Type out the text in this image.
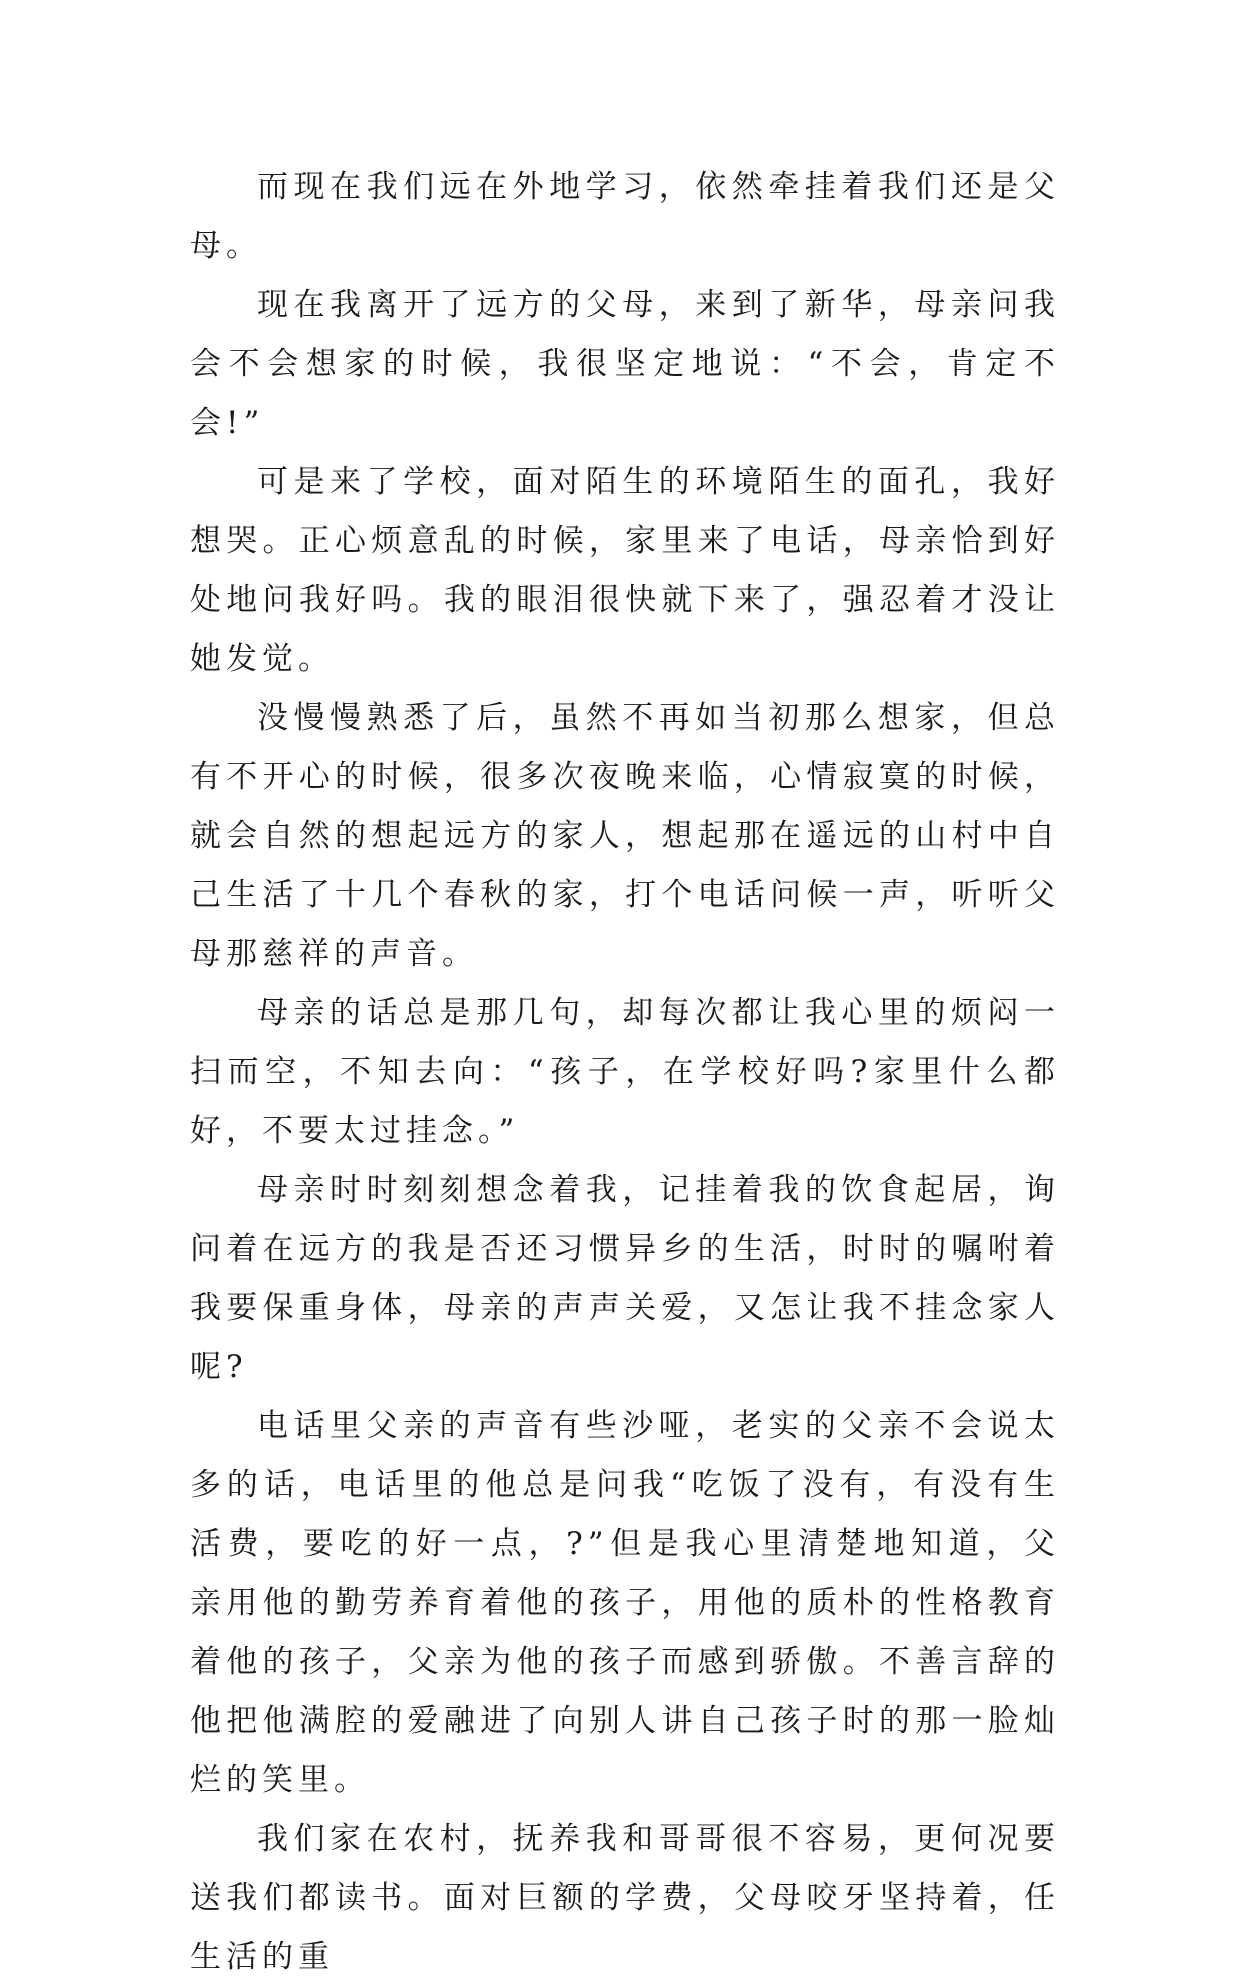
而现在我们远在外地学习，依然牵挂着我们还是父母。

现在我离开了远方的父母，来到了新华，母亲问我会不会想家的时候，我很坚定地说：“不会，肯定不会!”

可是来了学校，面对陌生的环境陌生的面孔，我好想哭。正心烦意乱的时候，家里来了电话，母亲恰到好处地问我好吗。我的眼泪很快就下来了，强忍着才没让她发觉。

没慢慢熟悉了后，虽然不再如当初那么想家，但总有不开心的时候，很多次夜晚来临，心情寂寞的时候，就会自然的想起远方的家人，想起那在遥远的山村中自己生活了十几个春秋的家，打个电话问候一声，听听父母那慈祥的声音。

母亲的话总是那几句，却每次都让我心里的烦闷一扫而空，不知去向：“孩子，在学校好吗?家里什么都好，不要太过挂念。”

母亲时时刻刻想念着我，记挂着我的饮食起居，询问着在远方的我是否还习惯异乡的生活，时时的嘱咐着我要保重身体，母亲的声声关爱，又怎让我不挂念家人呢?

电话里父亲的声音有些沙哑，老实的父亲不会说太多的话，电话里的他总是问我“吃饭了没有，有没有生活费，要吃的好一点，?”但是我心里清楚地知道，父亲用他的勤劳养育着他的孩子，用他的质朴的性格教育着他的孩子，父亲为他的孩子而感到骄傲。不善言辞的他把他满腔的爱融进了向别人讲自己孩子时的那一脸灿烂的笑里。

我们家在农村，抚养我和哥哥很不容易，更何况要送我们都读书。面对巨额的学费，父母咬牙坚持着，任生活的重
